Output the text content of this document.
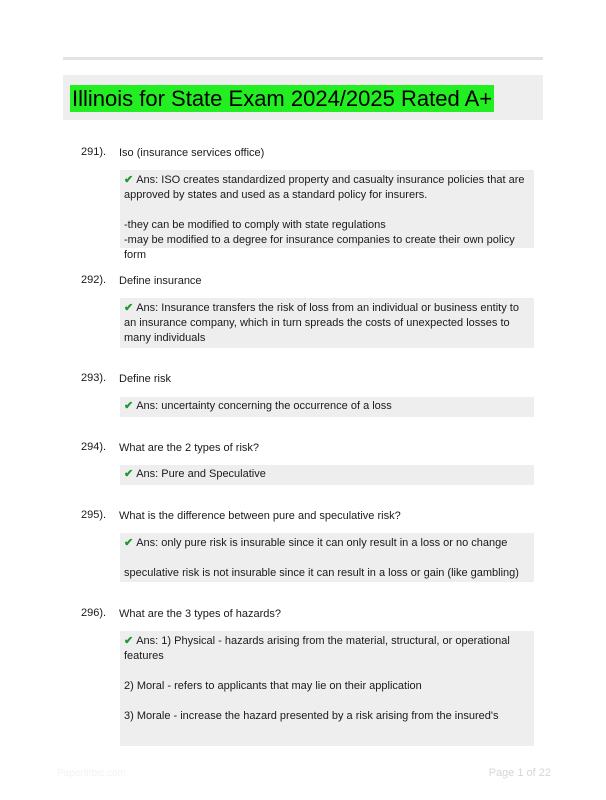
Illinois for State Exam 2024/2025 Rated A+
291). Iso (insurance services office)

✔ Ans: ISO creates standardized property and casualty insurance policies that are approved by states and used as a standard policy for insurers.

-they can be modified to comply with state regulations

-may be modified to a degree for insurance companies to create their own policy form

292). Define insurance

✔ Ans: Insurance transfers the risk of loss from an individual or business entity to an insurance company, which in turn spreads the costs of unexpected losses to many individuals

293). Define risk

✔ Ans: uncertainty concerning the occurrence of a loss

294). What are the 2 types of risk?

✔ Ans: Pure and Speculative

295). What is the difference between pure and speculative risk?

✔ Ans: only pure risk is insurable since it can only result in a loss or no change

speculative risk is not insurable since it can result in a loss or gain (like gambling)

296). What are the 3 types of hazards?

✔ Ans: 1) Physical - hazards arising from the material, structural, or operational features

2) Moral - refers to applicants that may lie on their application

3) Morale - increase the hazard presented by a risk arising from the insured's

Papertitbic.com	Page 1 of 22
